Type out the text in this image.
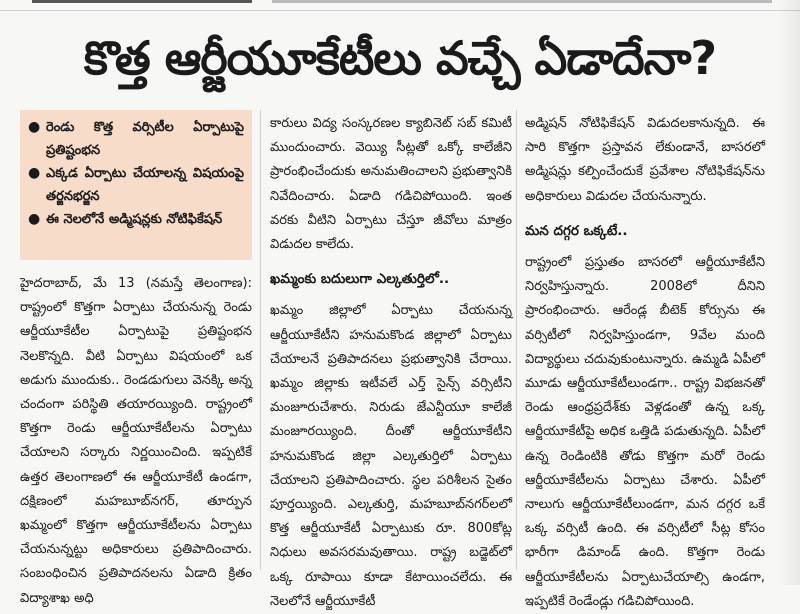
కొత్త ఆర్జీయూకేటీలు వచ్చే ఏడాదేనా?
● రెండు కొత్త వర్సిటీల ఏర్పాటుపై ప్రతిష్టంభన
● ఎక్కడ ఏర్పాటు చేయాలన్న విషయంపై తర్జనభర్జన
● ఈ నెలలోనే అడ్మిషన్లకు నోటిఫికేషన్

హైదరాబాద్, మే 13 (నమస్తే తెలంగాణ): రాష్ట్రంలో కొత్తగా ఏర్పాటు చేయనున్న రెండు ఆర్జీయూకేటీల ఏర్పాటుపై ప్రతిష్టంభన నెలకొన్నది. వీటి ఏర్పాటు విషయంలో ఒక అడుగు ముందుకు.. రెండడుగులు వెనక్కి అన్న చందంగా పరిస్థితి తయారయ్యింది. రాష్ట్రంలో కొత్తగా రెండు ఆర్జీయూకేటీలను ఏర్పాటు చేయాలని సర్కారు నిర్ణయించింది. ఇప్పటికే ఉత్తర తెలంగాణలో ఈ ఆర్జీయూకేటీ ఉండగా, దక్షిణంలో మహబూబ్‌నగర్, తూర్పున ఖమ్మంలో కొత్తగా ఆర్జీయూకేటీలను ఏర్పాటు చేయనున్నట్టు అధికారులు ప్రతిపాదించారు. సంబంధించిన ప్రతిపాదనలను ఏడాది క్రితం విద్యాశాఖ అధి

కారులు విద్య సంస్కరణల క్యాబినెట్ సబ్ కమిటీ ముందుంచారు. వెయ్యి సీట్లతో ఒక్కో కాలేజీని ప్రారంభించేందుకు అనుమతించాలని ప్రభుత్వానికి నివేదించారు. ఏడాది గడిచిపోయింది. ఇంత వరకు వీటిని ఏర్పాటు చేస్తూ జీవోలు మాత్రం విడుదల కాలేదు.

ఖమ్మంకు బదులుగా ఎల్కతుర్తిలో..

ఖమ్మం జిల్లాలో ఏర్పాటు చేయనున్న ఆర్జీయూకేటీని హనుమకొండ జిల్లాలో ఏర్పాటు చేయాలనే ప్రతిపాదనలు ప్రభుత్వానికి చేరాయి. ఖమ్మం జిల్లాకు ఇటీవలే ఎర్త్ సైన్స్ వర్సిటీని మంజూరుచేశారు. నిరుడు జేఎన్టీయూ కాలేజీ మంజూరయ్యింది. దీంతో ఆర్జీయూకేటీని హనుమకొండ జిల్లా ఎల్కతుర్తిలో ఏర్పాటు చేయాలని ప్రతిపాదించారు. స్థల పరిశీలన సైతం పూర్తయ్యింది. ఎల్కతుర్తి, మహబూబ్‌నగర్‌లలో కొత్త ఆర్జీయూకేటీ ఏర్పాటుకు రూ. 800కోట్ల నిధులు అవసరమవుతాయి. రాష్ట్ర బడ్జెట్‌లో ఒక్క రూపాయి కూడా కేటాయించలేదు. ఈ నెలలోనే ఆర్జీయూకేటీ

అడ్మిషన్ నోటిఫికేషన్ విడుదలకానున్నది. ఈ సారి కొత్తగా ప్రస్తావన లేకుండానే, బాసరలో అడ్మిషన్లు కల్పించేందుకే ప్రవేశాల నోటిఫికేషన్‌ను అధికారులు విడుదల చేయనున్నారు.

మన దగ్గర ఒక్కటే..

రాష్ట్రంలో ప్రస్తుతం బాసరలో ఆర్జీయూకేటీని నిర్వహిస్తున్నారు. 2008లో దీనిని ప్రారంభించారు. ఆరేండ్ల బీటెక్ కోర్సును ఈ వర్సిటీలో నిర్వహిస్తుండగా, 9వేల మంది విద్యార్థులు చదువుకుంటున్నారు. ఉమ్మడి ఏపీలో మూడు ఆర్జీయూకేటీలుండగా.. రాష్ట్ర విభజనతో రెండు ఆంధ్రప్రదేశ్‌కు వెళ్లడంతో ఉన్న ఒక్క ఆర్జీయూకేటీపై అధిక ఒత్తిడి పడుతున్నది. ఏపీలో ఉన్న రెండింటికి తోడు కొత్తగా మరో రెండు ఆర్జీయూకేటీలను ఏర్పాటు చేశారు. ఏపీలో నాలుగు ఆర్జీయూకేటీలుండగా, మన దగ్గర ఒకే ఒక్క వర్సిటీ ఉంది. ఈ వర్సిటీలో సీట్ల కోసం భారీగా డిమాండ్ ఉంది. కొత్తగా రెండు ఆర్జీయూకేటీలను ఏర్పాటుచేయాల్సి ఉండగా, ఇప్పటికే రెండేండ్లు గడిచిపోయింది.
